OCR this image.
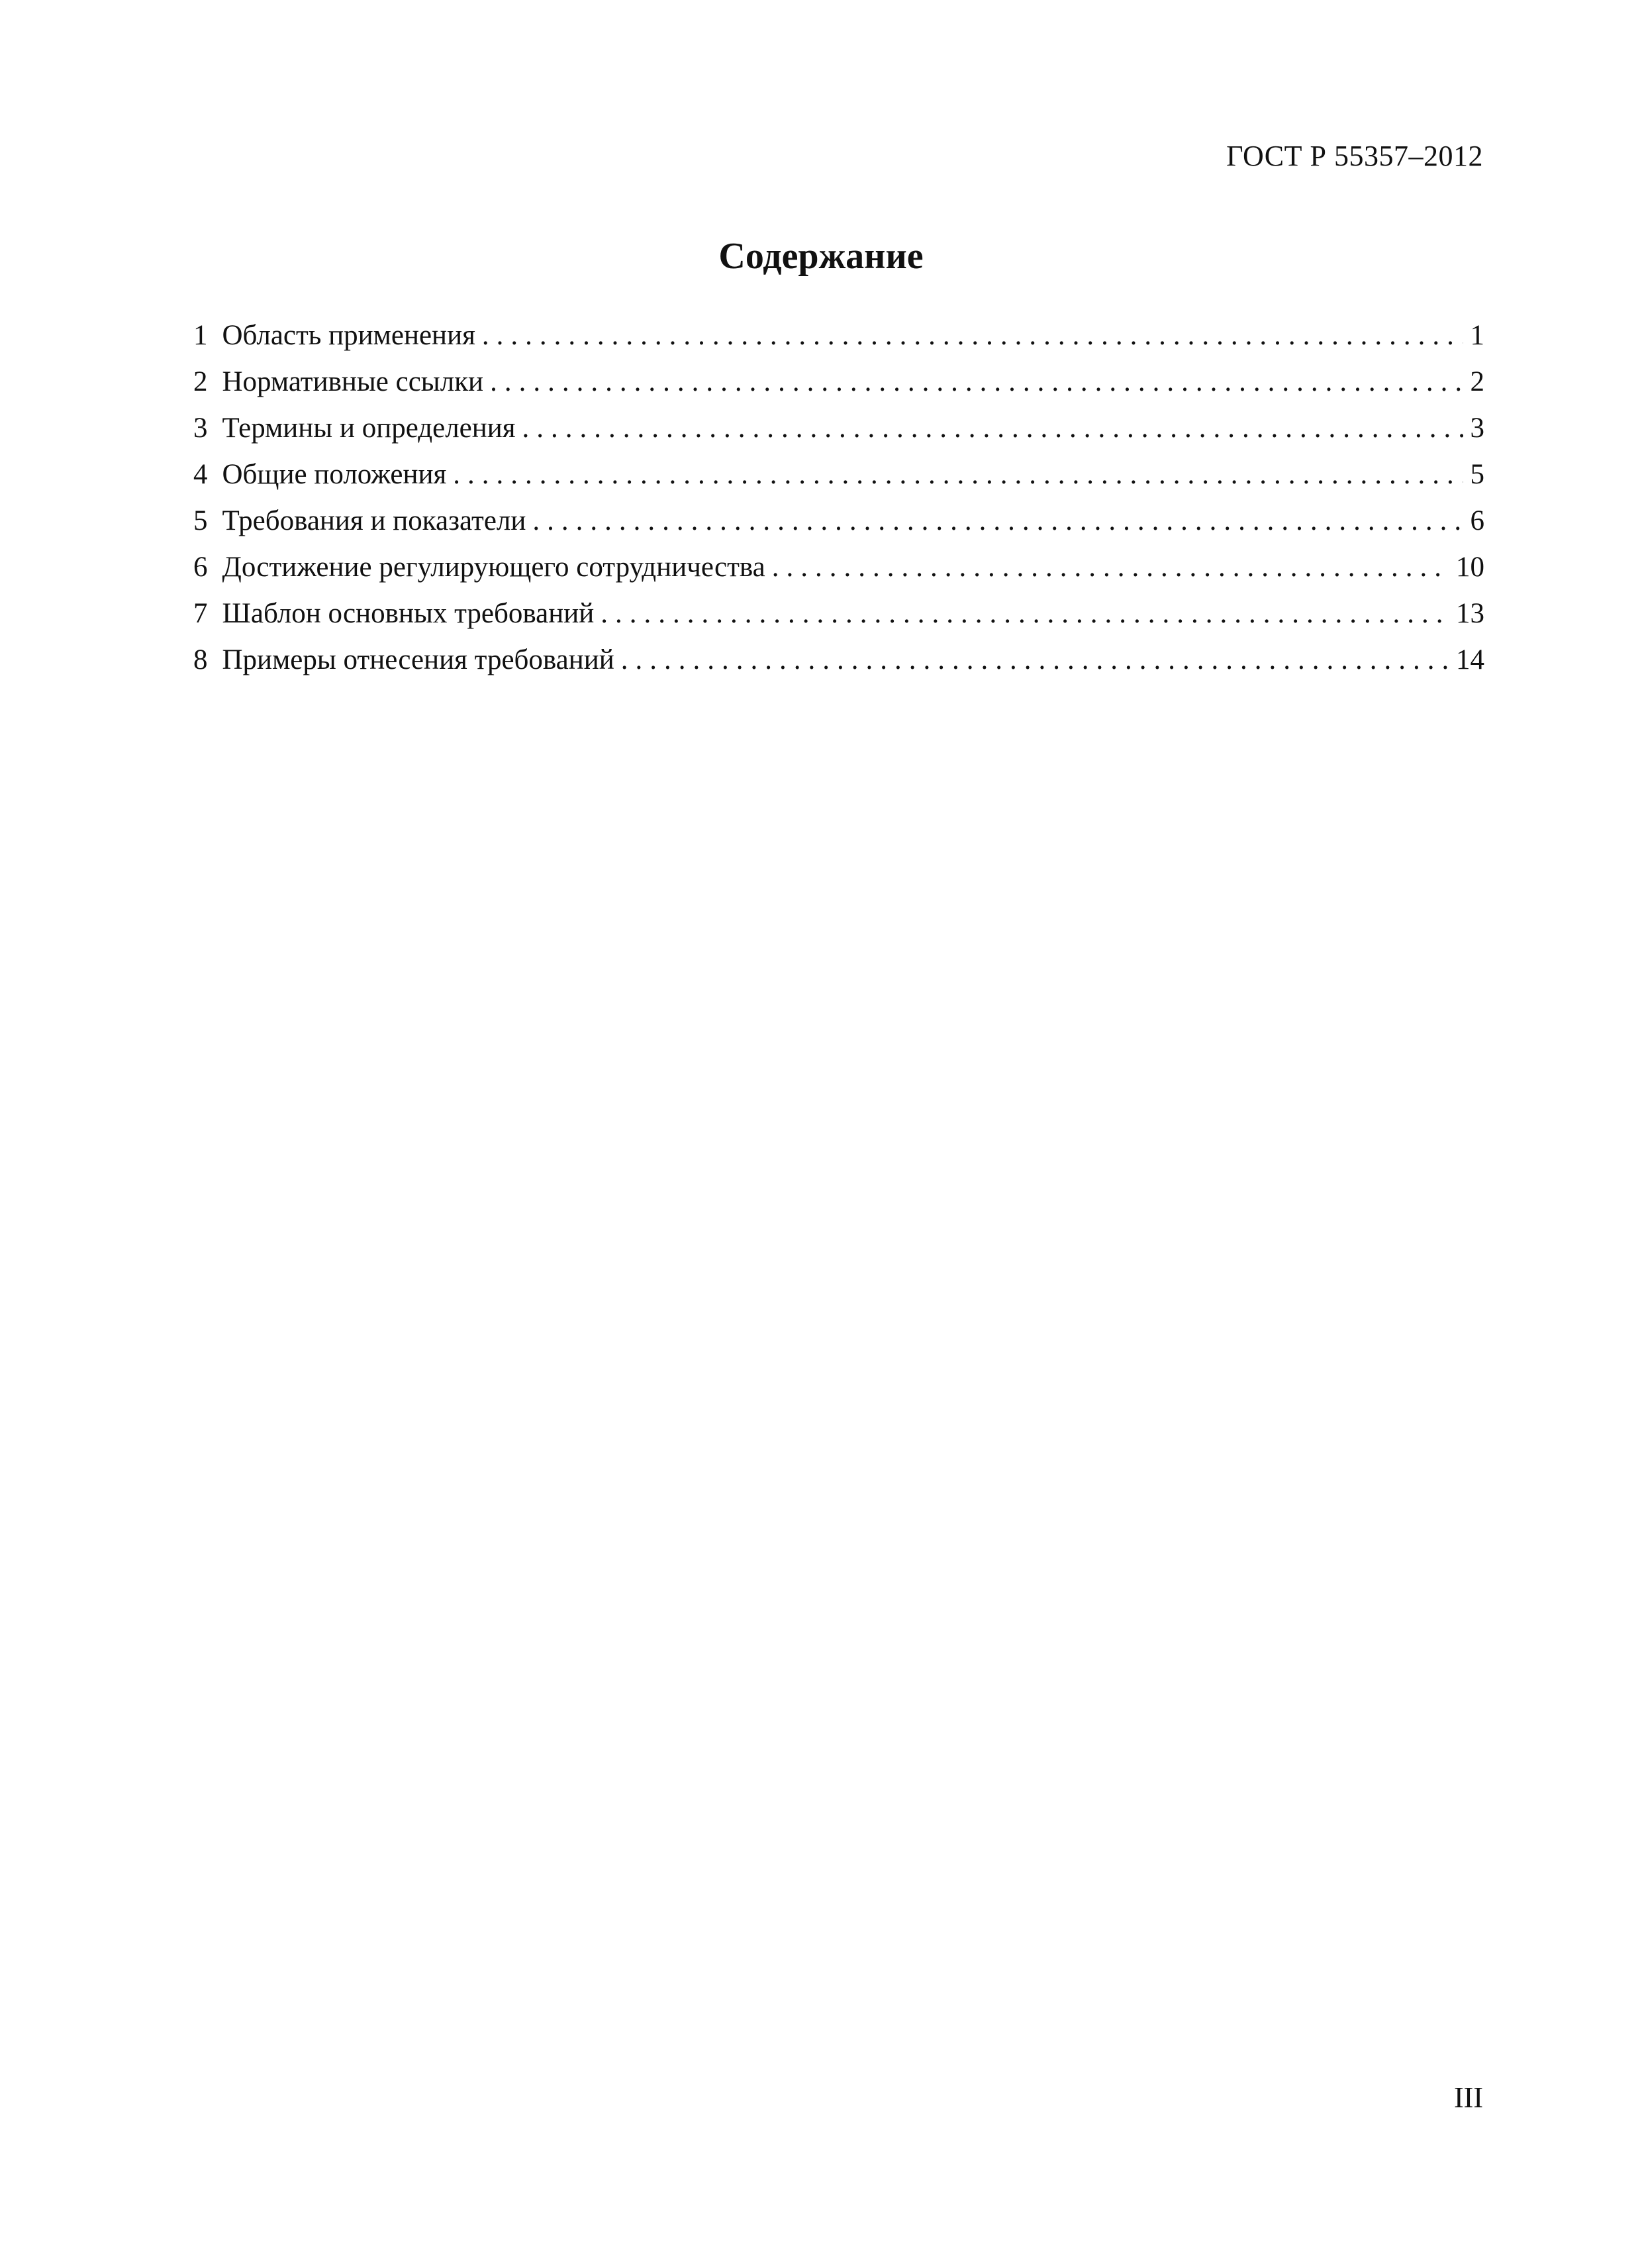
ГОСТ Р 55357–2012
Содержание
1 Область применения .....	1
2 Нормативные ссылки .....	2
3 Термины и определения .....	3
4 Общие положения .....	5
5 Требования и показатели .....	6
6 Достижение регулирующего сотрудничества .....	10
7 Шаблон основных требований .....	13
8 Примеры отнесения требований .....	14
III
